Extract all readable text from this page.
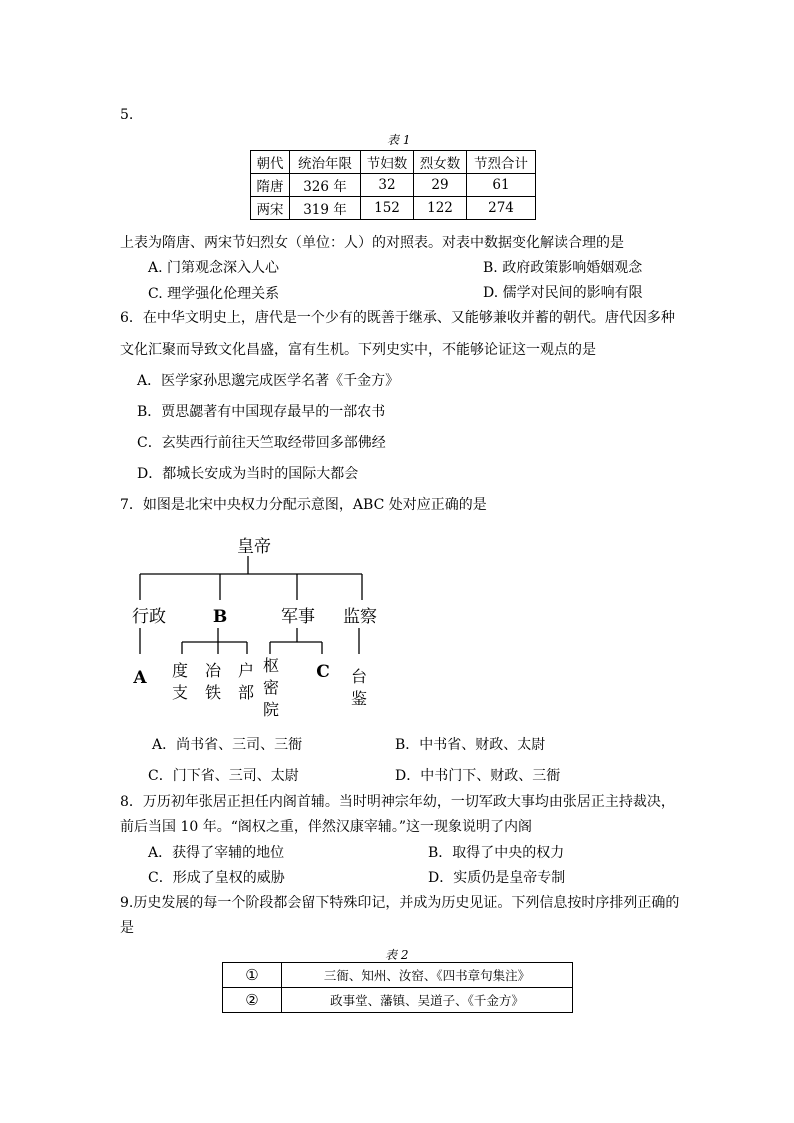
5.
表 1
朝代	统治年限	节妇数	烈女数	节烈合计
隋唐	326 年	32	29	61
两宋	319 年	152	122	274
上表为隋唐、两宋节妇烈女（单位：人）的对照表。对表中数据变化解读合理的是
A. 门第观念深入人心	B. 政府政策影响婚姻观念
C. 理学强化伦理关系	D. 儒学对民间的影响有限
6．在中华文明史上，唐代是一个少有的既善于继承、又能够兼收并蓄的朝代。唐代因多种
文化汇聚而导致文化昌盛，富有生机。下列史实中，不能够论证这一观点的是
A．医学家孙思邈完成医学名著《千金方》
B．贾思勰著有中国现存最早的一部农书
C．玄奘西行前往天竺取经带回多部佛经
D．都城长安成为当时的国际大都会
7．如图是北宋中央权力分配示意图，ABC 处对应正确的是
皇帝
行政	B	军事 监察
A	C
度支
冶铁
户部
枢密院
台鉴
A．尚书省、三司、三衙	B．中书省、财政、太尉
C．门下省、三司、太尉	D．中书门下、财政、三衙
8．万历初年张居正担任内阁首辅。当时明神宗年幼，一切军政大事均由张居正主持裁决，
前后当国 10 年。“阁权之重，伴然汉康宰辅。”这一现象说明了内阁
A．获得了宰辅的地位	B．取得了中央的权力
C．形成了皇权的威胁	D．实质仍是皇帝专制
9.历史发展的每一个阶段都会留下特殊印记，并成为历史见证。下列信息按时序排列正确的
是
表 2
①	三衙、知州、汝窑、《四书章句集注》
②	政事堂、藩镇、吴道子、《千金方》
